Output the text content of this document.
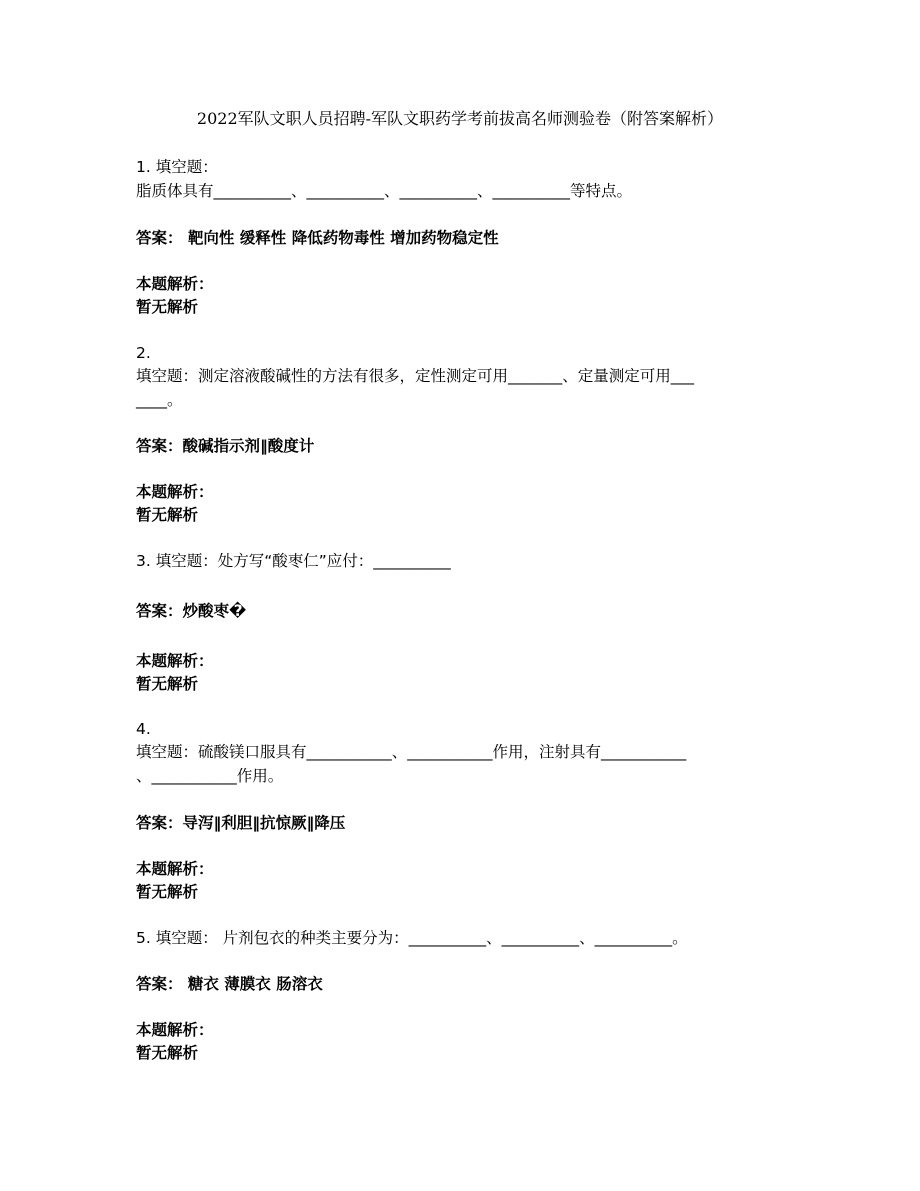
2022军队文职人员招聘-军队文职药学考前拔高名师测验卷（附答案解析）
1. 填空题：
脂质体具有__________、__________、__________、__________等特点。
答案： 靶向性 缓释性 降低药物毒性 增加药物稳定性
本题解析：
暂无解析
2.
填空题：测定溶液酸碱性的方法有很多，定性测定可用_______、定量测定可用___
____。
答案：酸碱指示剂‖酸度计
本题解析：
暂无解析
3. 填空题：处方写“酸枣仁”应付：__________
答案：炒酸枣�
本题解析：
暂无解析
4.
填空题：硫酸镁口服具有___________、___________作用，注射具有___________
、___________作用。
答案：导泻‖利胆‖抗惊厥‖降压
本题解析：
暂无解析
5. 填空题： 片剂包衣的种类主要分为：__________、__________、__________。
答案： 糖衣 薄膜衣 肠溶衣
本题解析：
暂无解析
